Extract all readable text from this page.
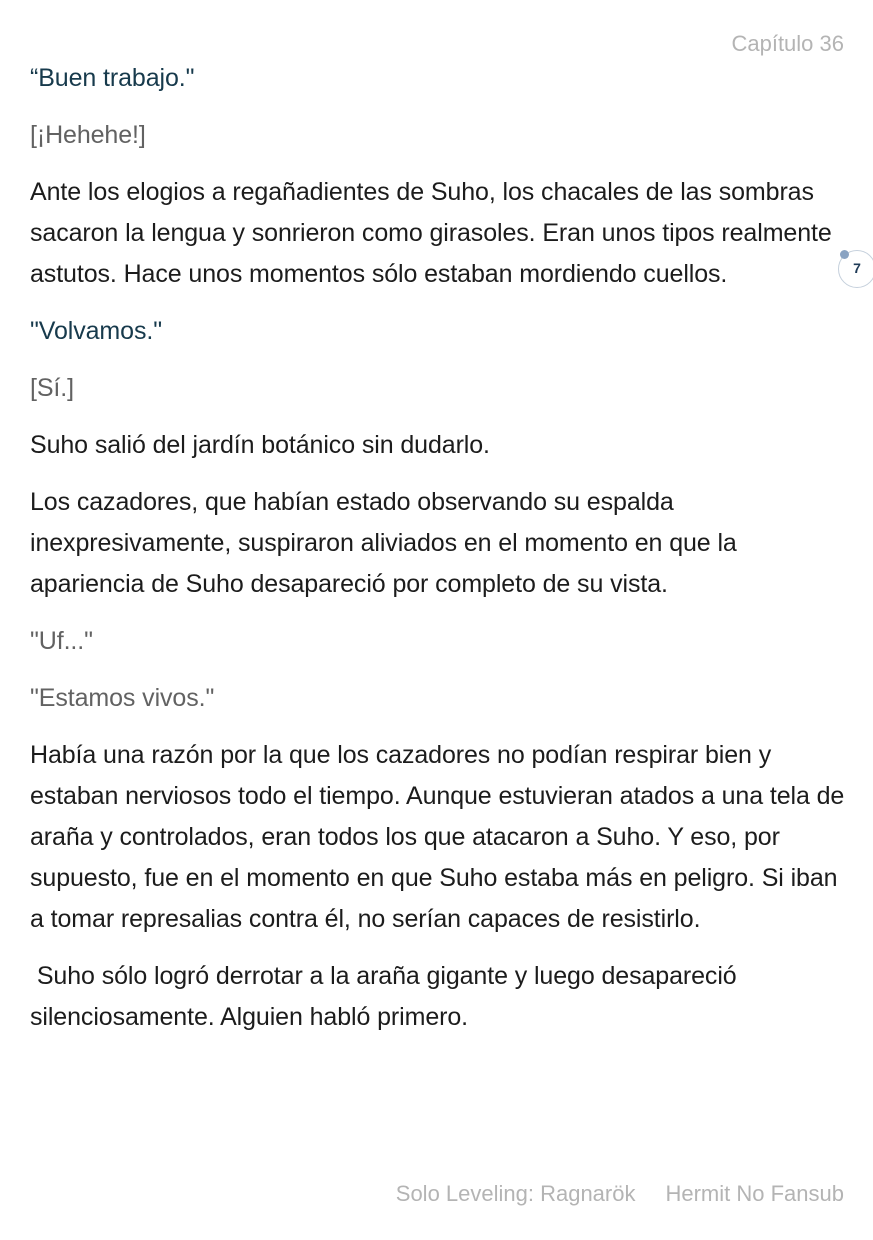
Capítulo 36
7

“Buen trabajo."

[¡Hehehe!]

Ante los elogios a regañadientes de Suho, los chacales de las sombras sacaron la lengua y sonrieron como girasoles. Eran unos tipos realmente astutos. Hace unos momentos sólo estaban mordiendo cuellos.

"Volvamos."

[Sí.]

Suho salió del jardín botánico sin dudarlo.

Los cazadores, que habían estado observando su espalda inexpresivamente, suspiraron aliviados en el momento en que la apariencia de Suho desapareció por completo de su vista.

"Uf..."

"Estamos vivos."

Había una razón por la que los cazadores no podían respirar bien y estaban nerviosos todo el tiempo. Aunque estuvieran atados a una tela de araña y controlados, eran todos los que atacaron a Suho. Y eso, por supuesto, fue en el momento en que Suho estaba más en peligro. Si iban a tomar represalias contra él, no serían capaces de resistirlo.

Suho sólo logró derrotar a la araña gigante y luego desapareció silenciosamente. Alguien habló primero.

Solo Leveling: Ragnarök Hermit No Fansub
